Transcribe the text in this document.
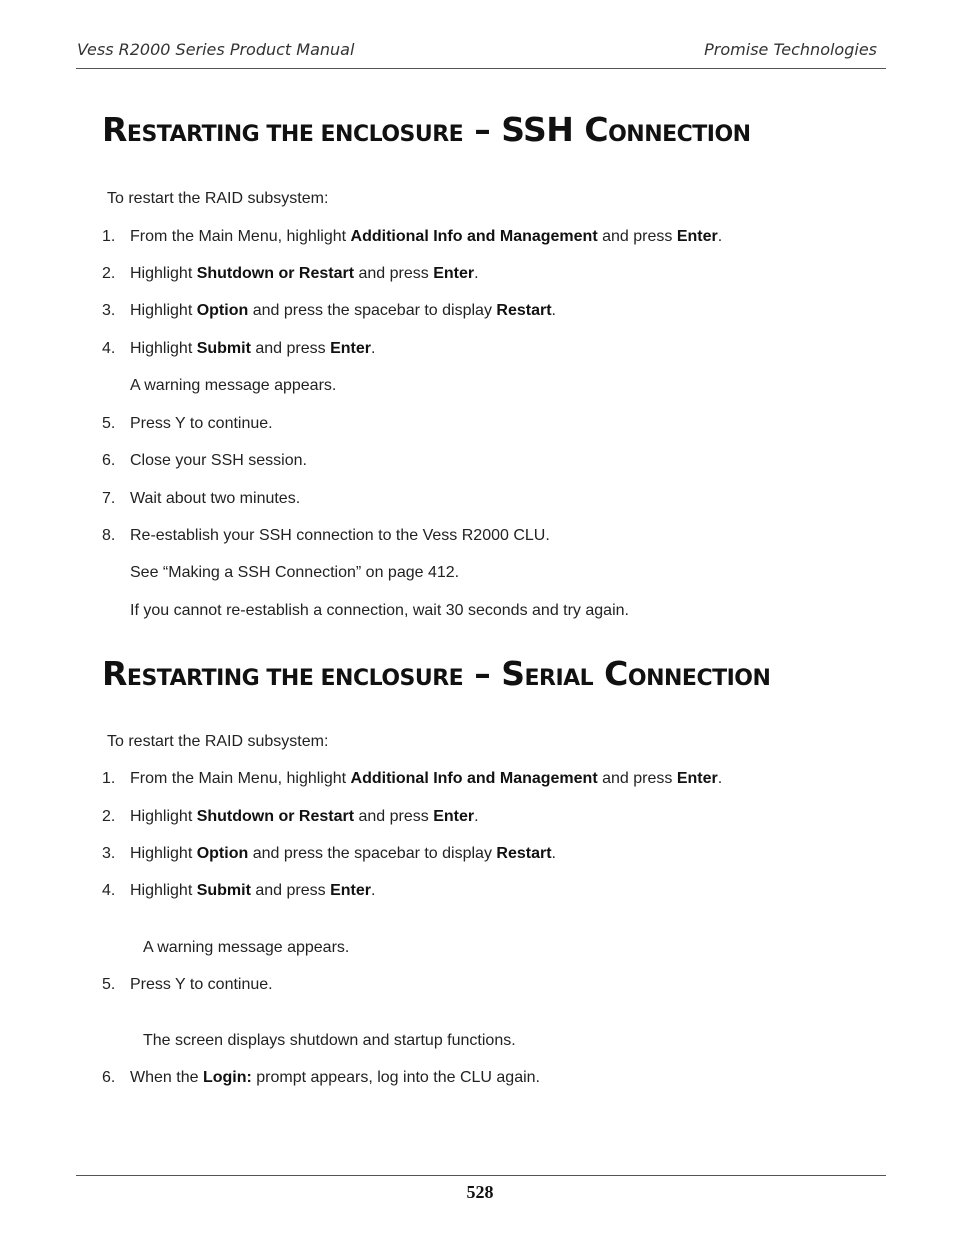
Vess R2000 Series Product Manual	Promise Technologies
RESTARTING THE ENCLOSURE – SSH CONNECTION
To restart the RAID subsystem:
1. From the Main Menu, highlight Additional Info and Management and press Enter.
2. Highlight Shutdown or Restart and press Enter.
3. Highlight Option and press the spacebar to display Restart.
4. Highlight Submit and press Enter.
A warning message appears.
5. Press Y to continue.
6. Close your SSH session.
7. Wait about two minutes.
8. Re-establish your SSH connection to the Vess R2000 CLU.
See “Making a SSH Connection” on page 412.
If you cannot re-establish a connection, wait 30 seconds and try again.
RESTARTING THE ENCLOSURE – SERIAL CONNECTION
To restart the RAID subsystem:
1. From the Main Menu, highlight Additional Info and Management and press Enter.
2. Highlight Shutdown or Restart and press Enter.
3. Highlight Option and press the spacebar to display Restart.
4. Highlight Submit and press Enter.
A warning message appears.
5. Press Y to continue.
The screen displays shutdown and startup functions.
6. When the Login: prompt appears, log into the CLU again.
528
